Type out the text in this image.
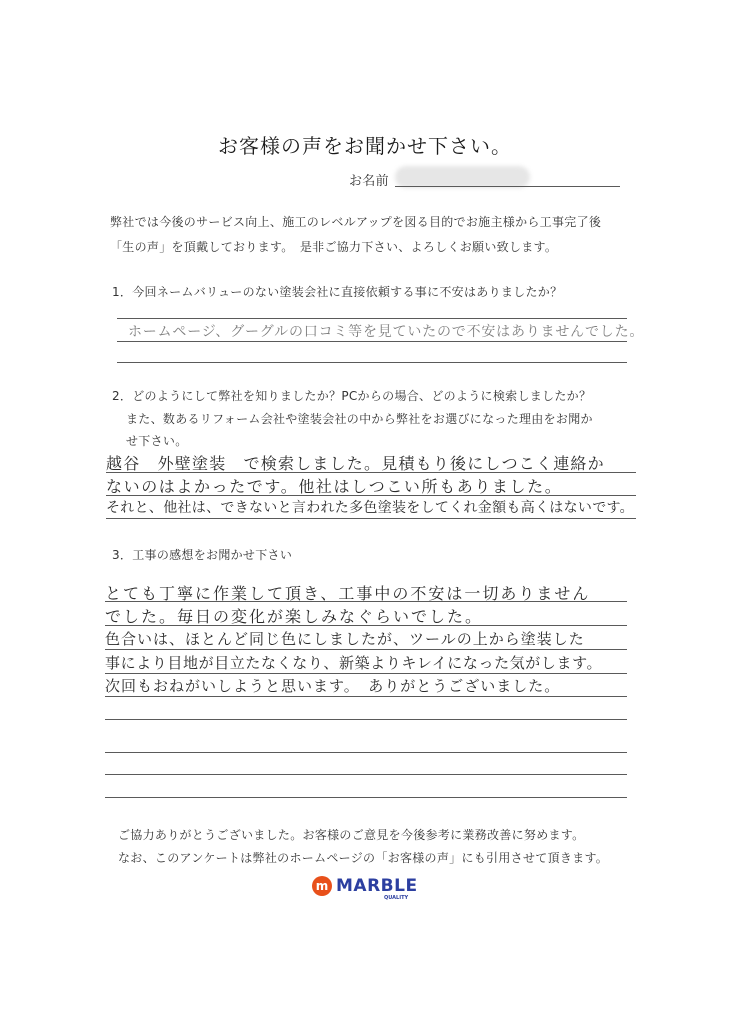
お客様の声をお聞かせ下さい。
お名前
弊社では今後のサービス向上、施工のレベルアップを図る目的でお施主様から工事完了後
「生の声」を頂戴しております。　是非ご協力下さい、よろしくお願い致します。
1．今回ネームバリューのない塗装会社に直接依頼する事に不安はありましたか？
ホームページ、グーグルの口コミ等を見ていたので不安はありませんでした。
2．どのようにして弊社を知りましたか？PCからの場合、どのように検索しましたか？
また、数あるリフォーム会社や塗装会社の中から弊社をお選びになった理由をお聞か
せ下さい。
越谷　外壁塗装　で検索しました。見積もり後にしつこく連絡か
ないのはよかったです。他社はしつこい所もありました。
それと、他社は、できないと言われた多色塗装をしてくれ金額も高くはないです。
3．工事の感想をお聞かせ下さい
とても丁寧に作業して頂き、工事中の不安は一切ありません
でした。毎日の変化が楽しみなぐらいでした。
色合いは、ほとんど同じ色にしましたが、ツールの上から塗装した
事により目地が目立たなくなり、新築よりキレイになった気がします。
次回もおねがいしようと思います。　ありがとうございました。
ご協力ありがとうございました。お客様のご意見を今後参考に業務改善に努めます。
なお、このアンケートは弊社のホームページの「お客様の声」にも引用させて頂きます。
m MARBLE
QUALITY
